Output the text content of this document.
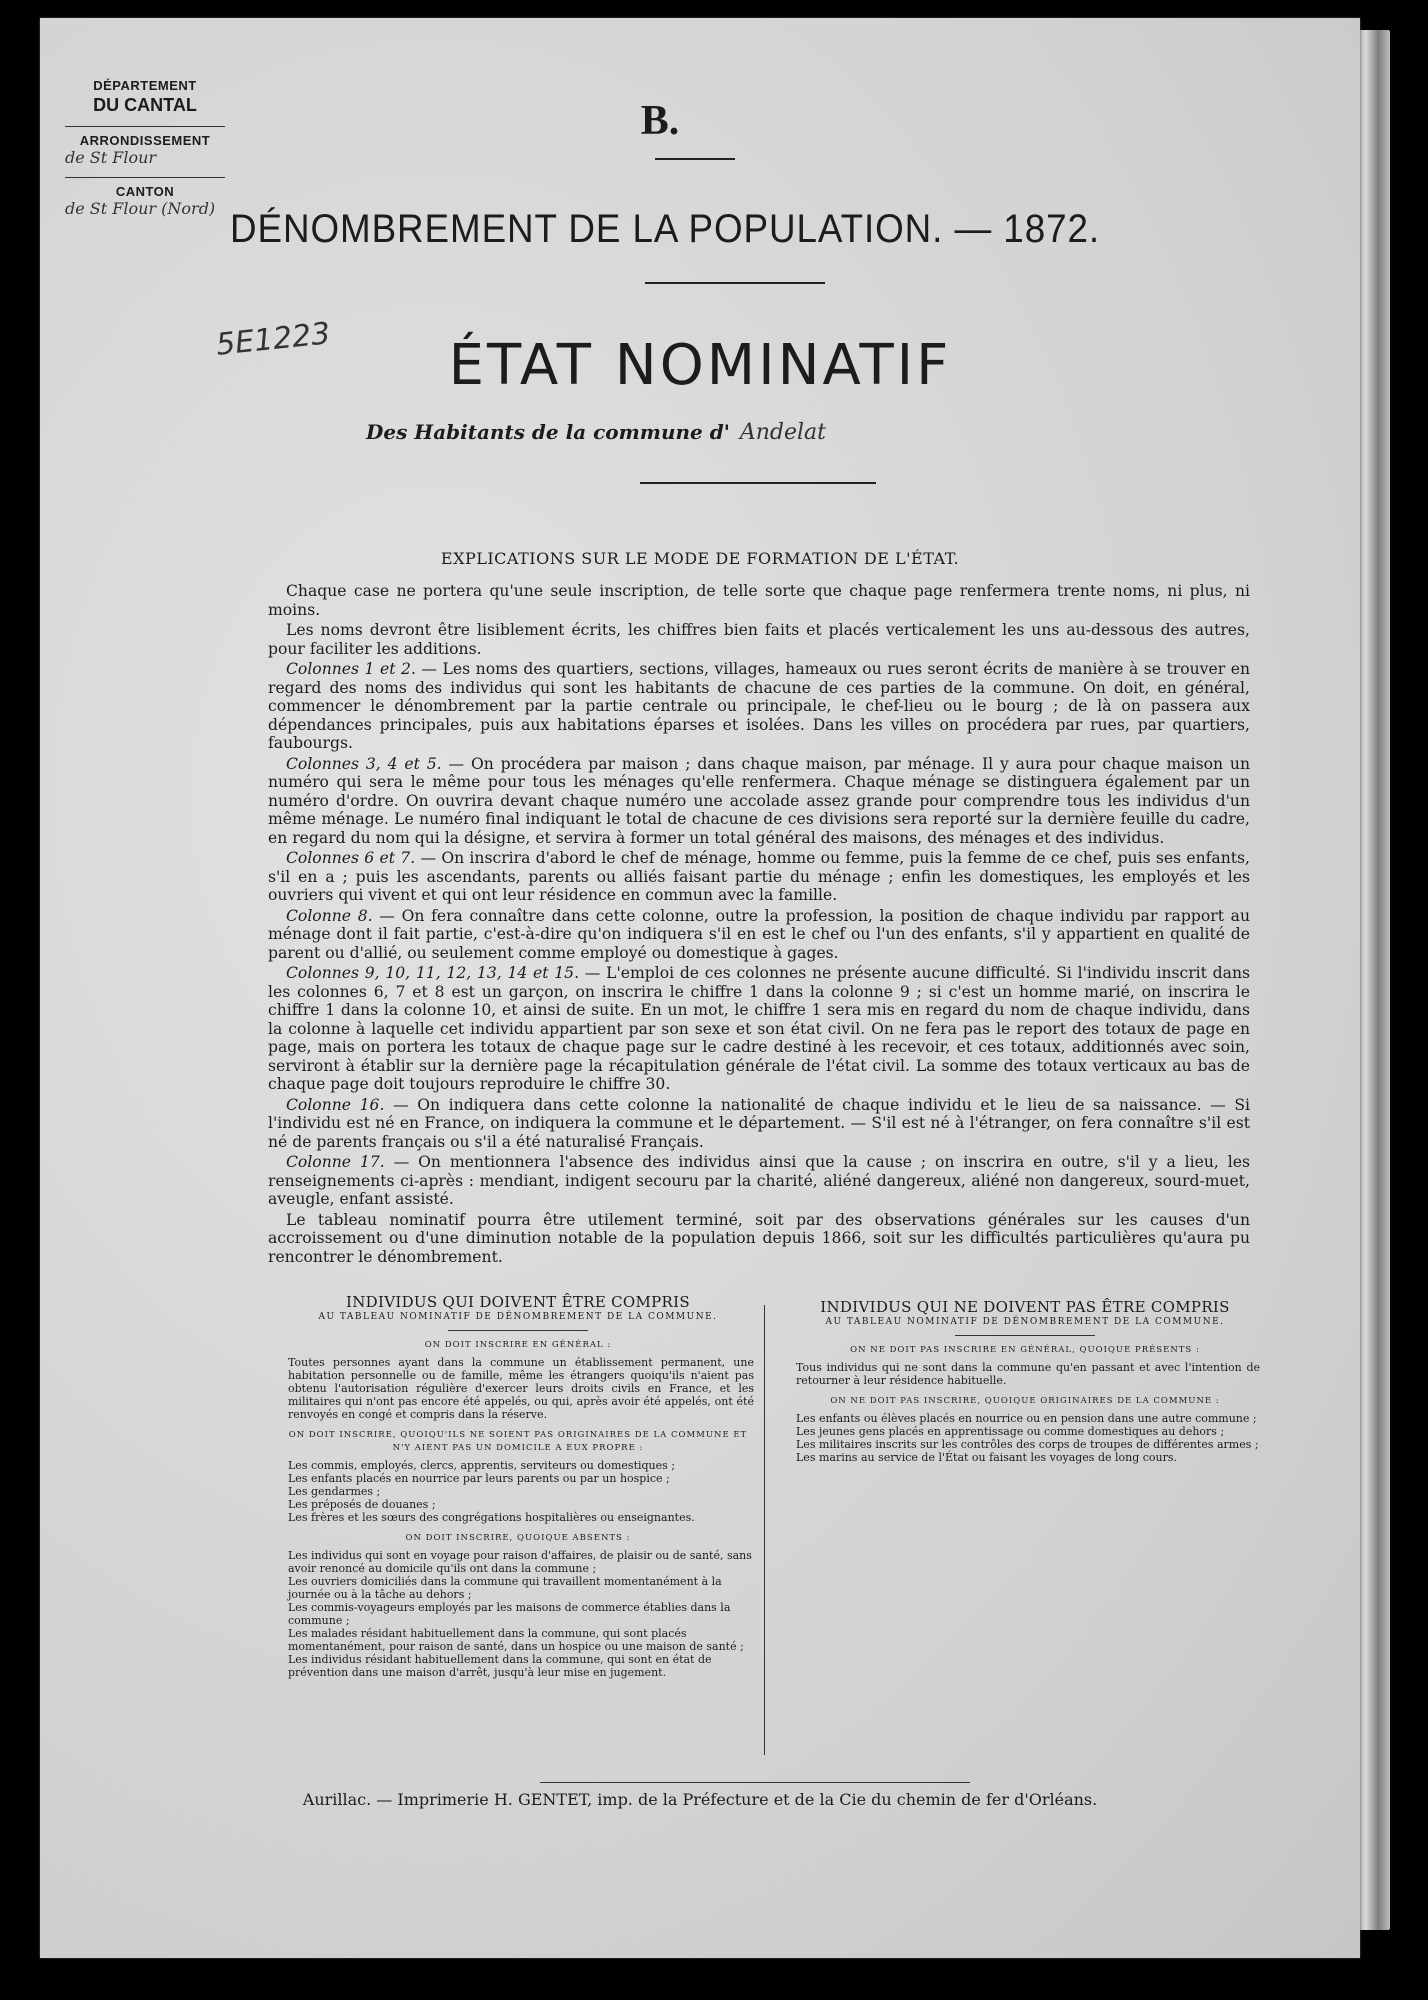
DÉPARTEMENT
DU CANTAL
ARRONDISSEMENT
de St Flour
CANTON
de St Flour (Nord)
5E1223
B.
DÉNOMBREMENT DE LA POPULATION. — 1872.
ÉTAT NOMINATIF
Des Habitants de la commune d' Andelat
EXPLICATIONS SUR LE MODE DE FORMATION DE L'ÉTAT.

Chaque case ne portera qu'une seule inscription, de telle sorte que chaque page renfermera trente noms, ni plus, ni moins.

Les noms devront être lisiblement écrits, les chiffres bien faits et placés verticalement les uns au-dessous des autres, pour faciliter les additions.

Colonnes 1 et 2. — Les noms des quartiers, sections, villages, hameaux ou rues seront écrits de manière à se trouver en regard des noms des individus qui sont les habitants de chacune de ces parties de la commune. On doit, en général, commencer le dénombrement par la partie centrale ou principale, le chef-lieu ou le bourg ; de là on passera aux dépendances principales, puis aux habitations éparses et isolées. Dans les villes on procédera par rues, par quartiers, faubourgs.

Colonnes 3, 4 et 5. — On procédera par maison ; dans chaque maison, par ménage. Il y aura pour chaque maison un numéro qui sera le même pour tous les ménages qu'elle renfermera. Chaque ménage se distinguera également par un numéro d'ordre. On ouvrira devant chaque numéro une accolade assez grande pour comprendre tous les individus d'un même ménage. Le numéro final indiquant le total de chacune de ces divisions sera reporté sur la dernière feuille du cadre, en regard du nom qui la désigne, et servira à former un total général des maisons, des ménages et des individus.

Colonnes 6 et 7. — On inscrira d'abord le chef de ménage, homme ou femme, puis la femme de ce chef, puis ses enfants, s'il en a ; puis les ascendants, parents ou alliés faisant partie du ménage ; enfin les domestiques, les employés et les ouvriers qui vivent et qui ont leur résidence en commun avec la famille.

Colonne 8. — On fera connaître dans cette colonne, outre la profession, la position de chaque individu par rapport au ménage dont il fait partie, c'est-à-dire qu'on indiquera s'il en est le chef ou l'un des enfants, s'il y appartient en qualité de parent ou d'allié, ou seulement comme employé ou domestique à gages.

Colonnes 9, 10, 11, 12, 13, 14 et 15. — L'emploi de ces colonnes ne présente aucune difficulté. Si l'individu inscrit dans les colonnes 6, 7 et 8 est un garçon, on inscrira le chiffre 1 dans la colonne 9 ; si c'est un homme marié, on inscrira le chiffre 1 dans la colonne 10, et ainsi de suite. En un mot, le chiffre 1 sera mis en regard du nom de chaque individu, dans la colonne à laquelle cet individu appartient par son sexe et son état civil. On ne fera pas le report des totaux de page en page, mais on portera les totaux de chaque page sur le cadre destiné à les recevoir, et ces totaux, additionnés avec soin, serviront à établir sur la dernière page la récapitulation générale de l'état civil. La somme des totaux verticaux au bas de chaque page doit toujours reproduire le chiffre 30.

Colonne 16. — On indiquera dans cette colonne la nationalité de chaque individu et le lieu de sa naissance. — Si l'individu est né en France, on indiquera la commune et le département. — S'il est né à l'étranger, on fera connaître s'il est né de parents français ou s'il a été naturalisé Français.

Colonne 17. — On mentionnera l'absence des individus ainsi que la cause ; on inscrira en outre, s'il y a lieu, les renseignements ci-après : mendiant, indigent secouru par la charité, aliéné dangereux, aliéné non dangereux, sourd-muet, aveugle, enfant assisté.

Le tableau nominatif pourra être utilement terminé, soit par des observations générales sur les causes d'un accroissement ou d'une diminution notable de la population depuis 1866, soit sur les difficultés particulières qu'aura pu rencontrer le dénombrement.

INDIVIDUS QUI DOIVENT ÊTRE COMPRIS
AU TABLEAU NOMINATIF DE DÉNOMBREMENT DE LA COMMUNE.
ON DOIT INSCRIRE EN GÉNÉRAL :

Toutes personnes ayant dans la commune un établissement permanent, une habitation personnelle ou de famille, même les étrangers quoiqu'ils n'aient pas obtenu l'autorisation régulière d'exercer leurs droits civils en France, et les militaires qui n'ont pas encore été appelés, ou qui, après avoir été appelés, ont été renvoyés en congé et compris dans la réserve.

ON DOIT INSCRIRE, QUOIQU'ILS NE SOIENT PAS ORIGINAIRES DE LA COMMUNE ET N'Y AIENT PAS UN DOMICILE A EUX PROPRE :

Les commis, employés, clercs, apprentis, serviteurs ou domestiques ;

Les enfants placés en nourrice par leurs parents ou par un hospice ;

Les gendarmes ;

Les préposés de douanes ;

Les frères et les sœurs des congrégations hospitalières ou enseignantes.

ON DOIT INSCRIRE, QUOIQUE ABSENTS :

Les individus qui sont en voyage pour raison d'affaires, de plaisir ou de santé, sans avoir renoncé au domicile qu'ils ont dans la commune ;

Les ouvriers domiciliés dans la commune qui travaillent momentanément à la journée ou à la tâche au dehors ;

Les commis-voyageurs employés par les maisons de commerce établies dans la commune ;

Les malades résidant habituellement dans la commune, qui sont placés momentanément, pour raison de santé, dans un hospice ou une maison de santé ;

Les individus résidant habituellement dans la commune, qui sont en état de prévention dans une maison d'arrêt, jusqu'à leur mise en jugement.

INDIVIDUS QUI NE DOIVENT PAS ÊTRE COMPRIS
AU TABLEAU NOMINATIF DE DÉNOMBREMENT DE LA COMMUNE.
ON NE DOIT PAS INSCRIRE EN GÉNÉRAL, QUOIQUE PRÉSENTS :

Tous individus qui ne sont dans la commune qu'en passant et avec l'intention de retourner à leur résidence habituelle.

ON NE DOIT PAS INSCRIRE, QUOIQUE ORIGINAIRES DE LA COMMUNE :

Les enfants ou élèves placés en nourrice ou en pension dans une autre commune ;

Les jeunes gens placés en apprentissage ou comme domestiques au dehors ;

Les militaires inscrits sur les contrôles des corps de troupes de différentes armes ;

Les marins au service de l'État ou faisant les voyages de long cours.

Aurillac. — Imprimerie H. GENTET, imp. de la Préfecture et de la Cie du chemin de fer d'Orléans.
